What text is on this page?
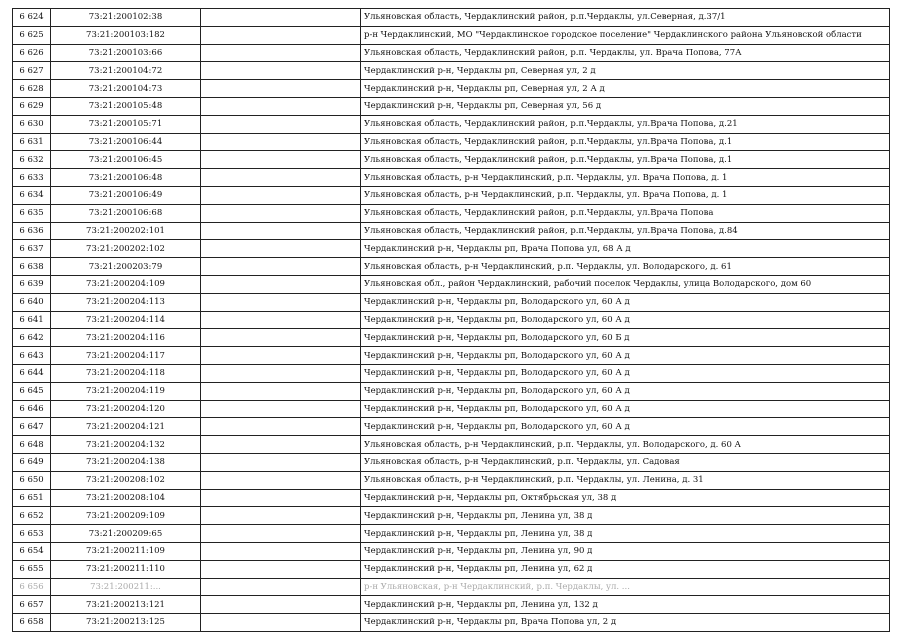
6 624	73:21:200102:38		Ульяновская область, Чердаклинский район, р.п.Чердаклы, ул.Северная, д.37/1
6 625	73:21:200103:182		р-н Чердаклинский, МО "Чердаклинское городское поселение" Чердаклинского района Ульяновской области
6 626	73:21:200103:66		Ульяновская область, Чердаклинский район, р.п. Чердаклы, ул. Врача Попова, 77А
6 627	73:21:200104:72		Чердаклинский р-н, Чердаклы рп, Северная ул, 2 д
6 628	73:21:200104:73		Чердаклинский р-н, Чердаклы рп, Северная ул, 2 А д
6 629	73:21:200105:48		Чердаклинский р-н, Чердаклы рп, Северная ул, 56 д
6 630	73:21:200105:71		Ульяновская область, Чердаклинский район, р.п.Чердаклы, ул.Врача Попова, д.21
6 631	73:21:200106:44		Ульяновская область, Чердаклинский район, р.п.Чердаклы, ул.Врача Попова, д.1
6 632	73:21:200106:45		Ульяновская область, Чердаклинский район, р.п.Чердаклы, ул.Врача Попова, д.1
6 633	73:21:200106:48		Ульяновская область, р-н Чердаклинский, р.п. Чердаклы, ул. Врача Попова, д. 1
6 634	73:21:200106:49		Ульяновская область, р-н Чердаклинский, р.п. Чердаклы, ул. Врача Попова, д. 1
6 635	73:21:200106:68		Ульяновская область, Чердаклинский район, р.п.Чердаклы, ул.Врача Попова
6 636	73:21:200202:101		Ульяновская область, Чердаклинский район, р.п.Чердаклы, ул.Врача Попова, д.84
6 637	73:21:200202:102		Чердаклинский р-н, Чердаклы рп, Врача Попова ул, 68 А д
6 638	73:21:200203:79		Ульяновская область, р-н Чердаклинский, р.п. Чердаклы, ул. Володарского, д. 61
6 639	73:21:200204:109		Ульяновская обл., район Чердаклинский, рабочий поселок Чердаклы, улица Володарского, дом 60
6 640	73:21:200204:113		Чердаклинский р-н, Чердаклы рп, Володарского ул, 60 А д
6 641	73:21:200204:114		Чердаклинский р-н, Чердаклы рп, Володарского ул, 60 А д
6 642	73:21:200204:116		Чердаклинский р-н, Чердаклы рп, Володарского ул, 60 Б д
6 643	73:21:200204:117		Чердаклинский р-н, Чердаклы рп, Володарского ул, 60 А д
6 644	73:21:200204:118		Чердаклинский р-н, Чердаклы рп, Володарского ул, 60 А д
6 645	73:21:200204:119		Чердаклинский р-н, Чердаклы рп, Володарского ул, 60 А д
6 646	73:21:200204:120		Чердаклинский р-н, Чердаклы рп, Володарского ул, 60 А д
6 647	73:21:200204:121		Чердаклинский р-н, Чердаклы рп, Володарского ул, 60 А д
6 648	73:21:200204:132		Ульяновская область, р-н Чердаклинский, р.п. Чердаклы, ул. Володарского, д. 60 А
6 649	73:21:200204:138		Ульяновская область, р-н Чердаклинский, р.п. Чердаклы, ул. Садовая
6 650	73:21:200208:102		Ульяновская область, р-н Чердаклинский, р.п. Чердаклы, ул. Ленина, д. 31
6 651	73:21:200208:104		Чердаклинский р-н, Чердаклы рп, Октябрьская ул, 38 д
6 652	73:21:200209:109		Чердаклинский р-н, Чердаклы рп, Ленина ул, 38 д
6 653	73:21:200209:65		Чердаклинский р-н, Чердаклы рп, Ленина ул, 38 д
6 654	73:21:200211:109		Чердаклинский р-н, Чердаклы рп, Ленина ул, 90 д
6 655	73:21:200211:110		Чердаклинский р-н, Чердаклы рп, Ленина ул, 62 д
6 656	73:21:200211:...		р-н Ульяновская, р-н Чердаклинский, р.п. Чердаклы, ул. ...
6 657	73:21:200213:121		Чердаклинский р-н, Чердаклы рп, Ленина ул, 132 д
6 658	73:21:200213:125		Чердаклинский р-н, Чердаклы рп, Врача Попова ул, 2 д
